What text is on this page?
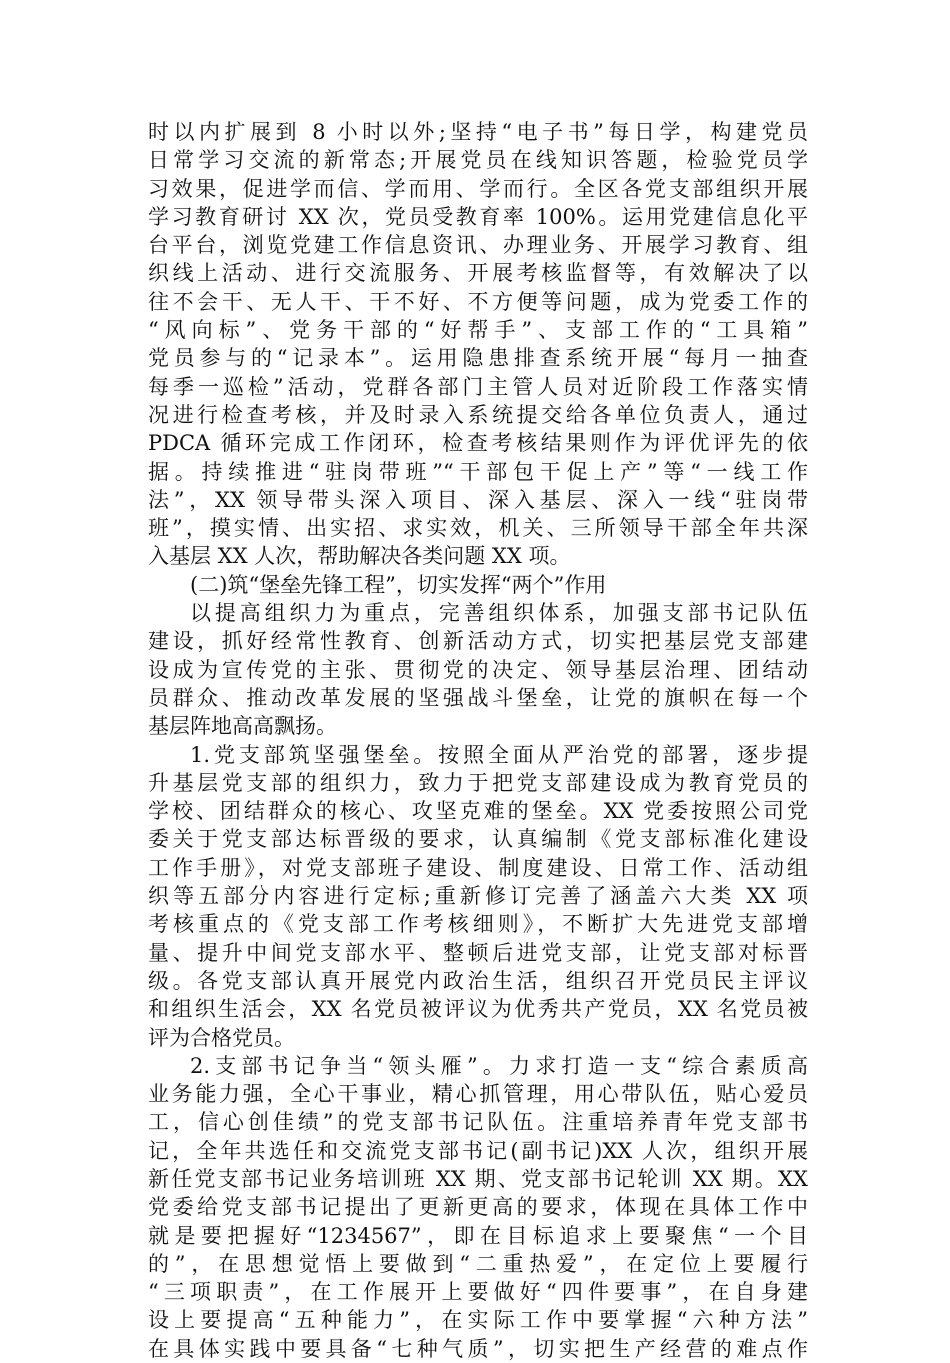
时以内扩展到 8 小时以外;坚持“电子书”每日学，构建党员
日常学习交流的新常态;开展党员在线知识答题，检验党员学
习效果，促进学而信、学而用、学而行。全区各党支部组织开展
学习教育研讨 XX 次，党员受教育率 100%。运用党建信息化平
台平台，浏览党建工作信息资讯、办理业务、开展学习教育、组
织线上活动、进行交流服务、开展考核监督等，有效解决了以
往不会干、无人干、干不好、不方便等问题，成为党委工作的
“风向标”、党务干部的“好帮手”、支部工作的“工具箱”
党员参与的“记录本”。运用隐患排查系统开展“每月一抽查
每季一巡检”活动，党群各部门主管人员对近阶段工作落实情
况进行检查考核，并及时录入系统提交给各单位负责人，通过
PDCA 循环完成工作闭环，检查考核结果则作为评优评先的依
据。持续推进“驻岗带班”“干部包干促上产”等“一线工作
法”，XX 领导带头深入项目、深入基层、深入一线“驻岗带
班”，摸实情、出实招、求实效，机关、三所领导干部全年共深
入基层 XX 人次，帮助解决各类问题 XX 项。
(二)筑“堡垒先锋工程”，切实发挥“两个”作用
以提高组织力为重点，完善组织体系，加强支部书记队伍
建设，抓好经常性教育、创新活动方式，切实把基层党支部建
设成为宣传党的主张、贯彻党的决定、领导基层治理、团结动
员群众、推动改革发展的坚强战斗堡垒，让党的旗帜在每一个
基层阵地高高飘扬。
1.党支部筑坚强堡垒。按照全面从严治党的部署，逐步提
升基层党支部的组织力，致力于把党支部建设成为教育党员的
学校、团结群众的核心、攻坚克难的堡垒。XX 党委按照公司党
委关于党支部达标晋级的要求，认真编制《党支部标准化建设
工作手册》，对党支部班子建设、制度建设、日常工作、活动组
织等五部分内容进行定标;重新修订完善了涵盖六大类 XX 项
考核重点的《党支部工作考核细则》，不断扩大先进党支部增
量、提升中间党支部水平、整顿后进党支部，让党支部对标晋
级。各党支部认真开展党内政治生活，组织召开党员民主评议
和组织生活会，XX 名党员被评议为优秀共产党员，XX 名党员被
评为合格党员。
2.支部书记争当“领头雁”。力求打造一支“综合素质高
业务能力强，全心干事业，精心抓管理，用心带队伍，贴心爱员
工，信心创佳绩”的党支部书记队伍。注重培养青年党支部书
记，全年共选任和交流党支部书记(副书记)XX 人次，组织开展
新任党支部书记业务培训班 XX 期、党支部书记轮训 XX 期。XX
党委给党支部书记提出了更新更高的要求，体现在具体工作中
就是要把握好“1234567”，即在目标追求上要聚焦“一个目
的”，在思想觉悟上要做到“二重热爱”，在定位上要履行
“三项职责”，在工作展开上要做好“四件要事”，在自身建
设上要提高“五种能力”，在实际工作中要掌握“六种方法”
在具体实践中要具备“七种气质”，切实把生产经营的难点作
